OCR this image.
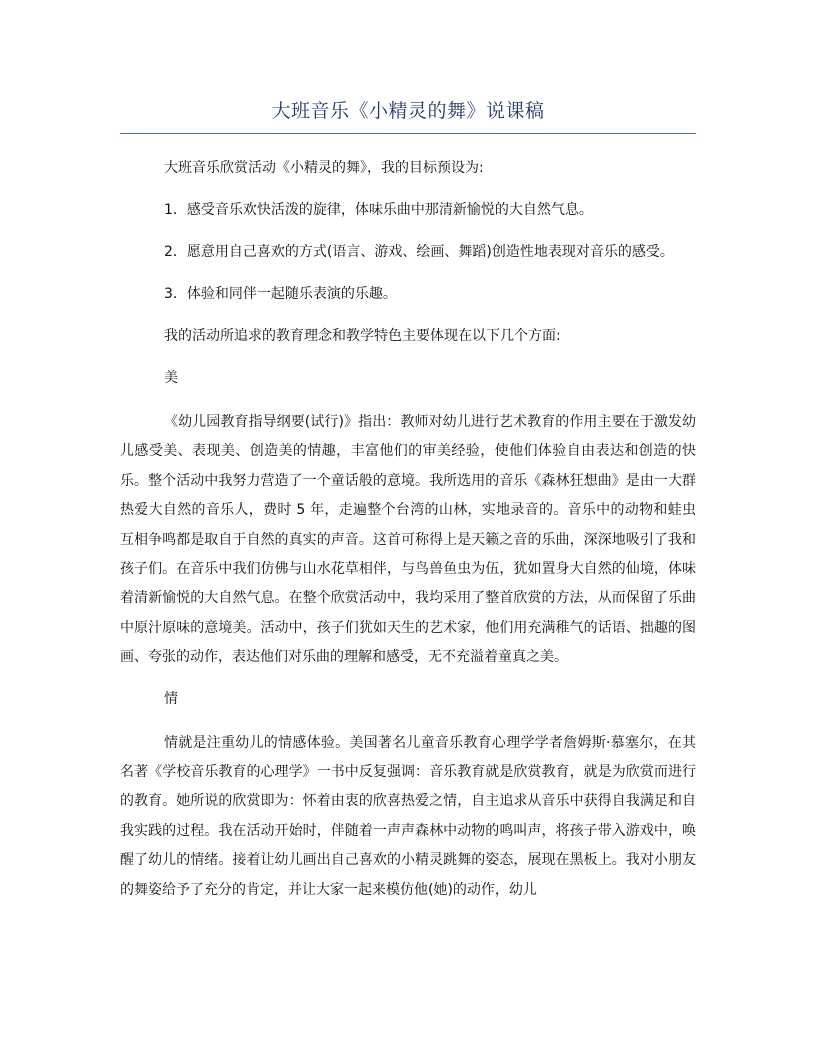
大班音乐《小精灵的舞》说课稿

大班音乐欣赏活动《小精灵的舞》，我的目标预设为:

1．感受音乐欢快活泼的旋律，体味乐曲中那清新愉悦的大自然气息。

2．愿意用自己喜欢的方式(语言、游戏、绘画、舞蹈)创造性地表现对音乐的感受。

3．体验和同伴一起随乐表演的乐趣。

我的活动所追求的教育理念和教学特色主要体现在以下几个方面:

美

《幼儿园教育指导纲要(试行)》指出：教师对幼儿进行艺术教育的作用主要在于激发幼儿感受美、表现美、创造美的情趣，丰富他们的审美经验，使他们体验自由表达和创造的快乐。整个活动中我努力营造了一个童话般的意境。我所选用的音乐《森林狂想曲》是由一大群热爱大自然的音乐人，费时 5 年，走遍整个台湾的山林，实地录音的。音乐中的动物和蛙虫互相争鸣都是取自于自然的真实的声音。这首可称得上是天籁之音的乐曲，深深地吸引了我和孩子们。在音乐中我们仿佛与山水花草相伴，与鸟兽鱼虫为伍，犹如置身大自然的仙境，体味着清新愉悦的大自然气息。在整个欣赏活动中，我均采用了整首欣赏的方法，从而保留了乐曲中原汁原味的意境美。活动中，孩子们犹如天生的艺术家，他们用充满稚气的话语、拙趣的图画、夸张的动作，表达他们对乐曲的理解和感受，无不充溢着童真之美。

情

情就是注重幼儿的情感体验。美国著名儿童音乐教育心理学学者詹姆斯·慕塞尔，在其名著《学校音乐教育的心理学》一书中反复强调：音乐教育就是欣赏教育，就是为欣赏而进行的教育。她所说的欣赏即为：怀着由衷的欣喜热爱之情，自主追求从音乐中获得自我满足和自我实践的过程。我在活动开始时，伴随着一声声森林中动物的鸣叫声，将孩子带入游戏中，唤醒了幼儿的情绪。接着让幼儿画出自己喜欢的小精灵跳舞的姿态，展现在黑板上。我对小朋友的舞姿给予了充分的肯定，并让大家一起来模仿他(她)的动作，幼儿
